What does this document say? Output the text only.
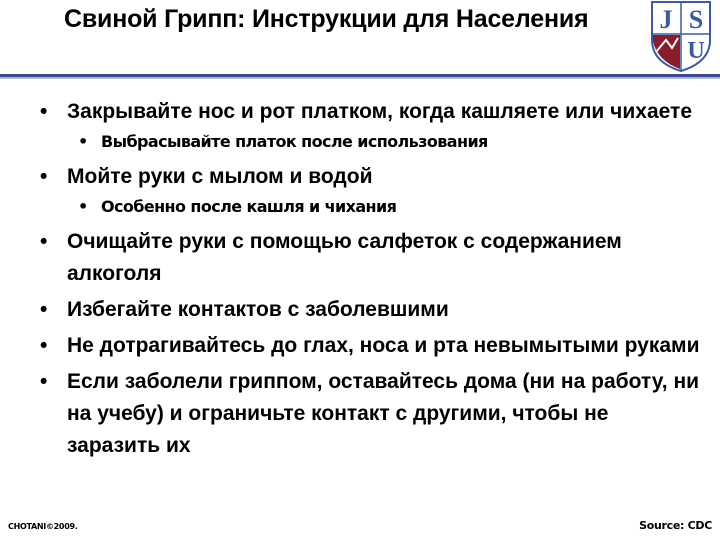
Свиной Грипп: Инструкции для Населения	J S
U
• Закрывайте нос и рот платком, когда кашляете или чихаете
• Выбрасывайте платок после использования
• Мойте руки с мылом и водой
• Особенно после кашля и чихания
• Очищайте руки с помощью салфеток с содержанием алкоголя
• Избегайте контактов с заболевшими
• Не дотрагивайтесь до глах, носа и рта невымытыми руками
• Если заболели гриппом, оставайтесь дома (ни на работу, ни на учебу) и ограничьте контакт с другими, чтобы не заразить их
CHOTANI©2009.	Source: CDC
